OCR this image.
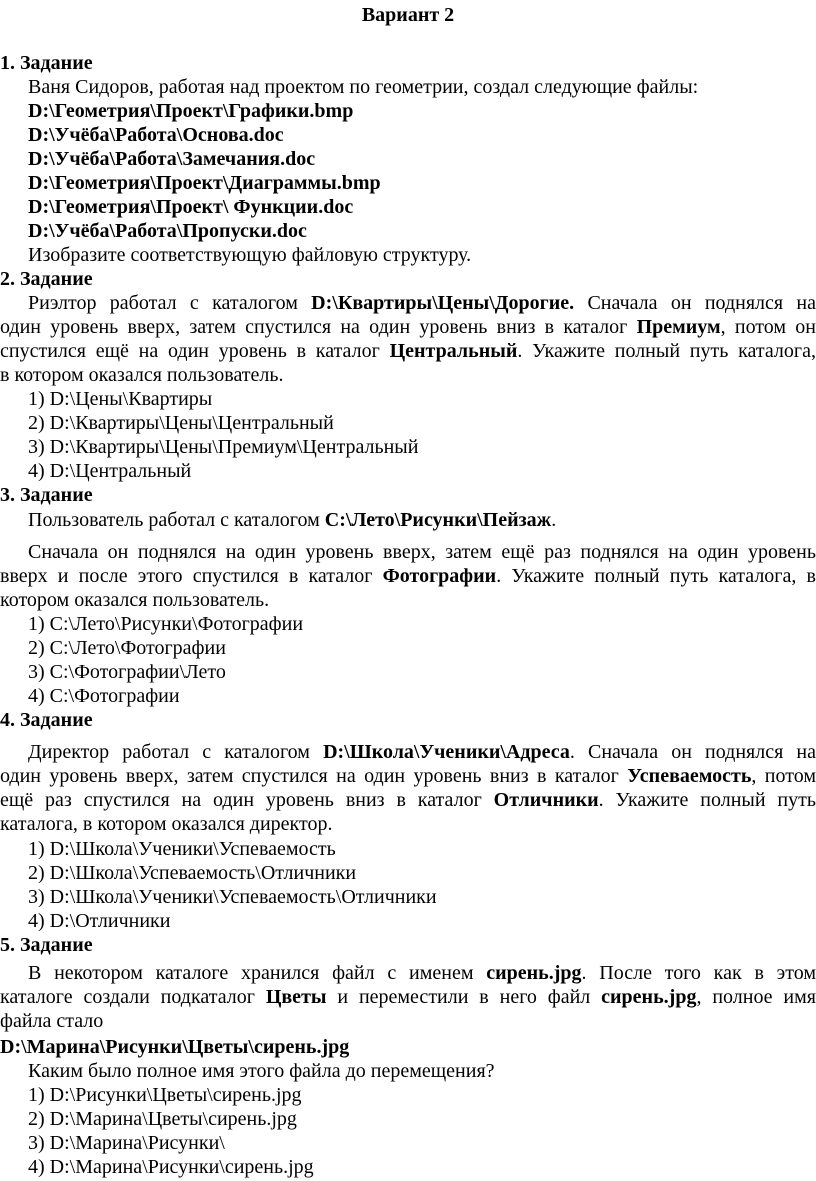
Вариант 2
1. Задание
Ваня Сидоров, работая над проектом по геометрии, создал следующие файлы:
D:\Геометрия\Проект\Графики.bmp
D:\Учёба\Работа\Основа.doc
D:\Учёба\Работа\Замечания.doc
D:\Геометрия\Проект\Диаграммы.bmp
D:\Геометрия\Проект\ Функции.doc
D:\Учёба\Работа\Пропуски.doc
Изобразите соответствующую файловую структуру.
2. Задание
Риэлтор работал с каталогом D:\Квартиры\Цены\Дорогие. Сначала он поднялся на
один уровень вверх, затем спустился на один уровень вниз в каталог Премиум, потом он
спустился ещё на один уровень в каталог Центральный. Укажите полный путь каталога,
в котором оказался пользователь.
1) D:\Цены\Квартиры
2) D:\Квартиры\Цены\Центральный
3) D:\Квартиры\Цены\Премиум\Центральный
4) D:\Центральный
3. Задание
Пользователь работал с каталогом C:\Лето\Рисунки\Пейзаж.
Сначала он поднялся на один уровень вверх, затем ещё раз поднялся на один уровень
вверх и после этого спустился в каталог Фотографии. Укажите полный путь каталога, в
котором оказался пользователь.
1) С:\Лето\Рисунки\Фотографии
2) С:\Лето\Фотографии
3) С:\Фотографии\Лето
4) С:\Фотографии
4. Задание
Директор работал с каталогом D:\Школа\Ученики\Адреса. Сначала он поднялся на
один уровень вверх, затем спустился на один уровень вниз в каталог Успеваемость, потом
ещё раз спустился на один уровень вниз в каталог Отличники. Укажите полный путь
каталога, в котором оказался директор.
1) D:\Школа\Ученики\Успеваемость
2) D:\Школа\Успеваемость\Отличники
3) D:\Школа\Ученики\Успеваемость\Отличники
4) D:\Отличники
5. Задание
В некотором каталоге хранился файл с именем сирень.jpg. После того как в этом
каталоге создали подкаталог Цветы и переместили в него файл сирень.jpg, полное имя
файла стало
D:\Марина\Рисунки\Цветы\сирень.jpg
Каким было полное имя этого файла до перемещения?
1) D:\Рисунки\Цветы\сирень.jpg
2) D:\Марина\Цветы\сирень.jpg
3) D:\Марина\Рисунки\
4) D:\Марина\Рисунки\сирень.jpg
